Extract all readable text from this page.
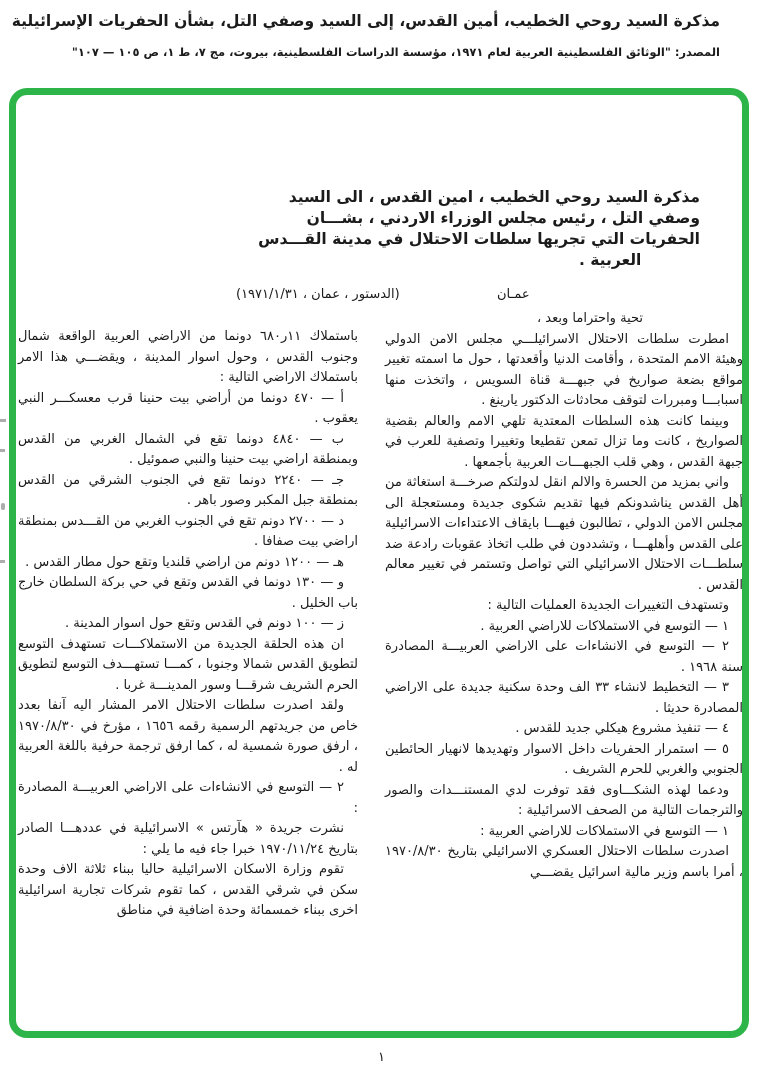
مذكرة السيد روحي الخطيب، أمين القدس، إلى السيد وصفي التل، بشأن الحفريات الإسرائيلية
المصدر: "الوثائق الفلسطينية العربية لعام ١٩٧١، مؤسسة الدراسات الفلسطينية، بيروت، مج ٧، ط ١، ص ١٠٥ — ١٠٧"
مذكرة السيد روحي الخطيب ، امين القدس ، الى السيد
وصفي التل ، رئيس مجلس الوزراء الاردني ، بشـــان
الحفريات التي تجريها سلطات الاحتلال في مدينة القـــدس
العربية .
عمـان
(الدستور ، عمان ، ١٩٧١/١/٣١)

تحية واحتراما وبعد ،

امطرت سلطات الاحتلال الاسرائيلـــي مجلس الامن الدولي وهيئة الامم المتحدة ، وأقامت الدنيا وأقعدتها ، حول ما اسمته تغيير مواقع بضعة صواريخ في جبهـــة قناة السويس ، واتخذت منها اسبابـــا ومبررات لتوقف محادثات الدكتور يارينغ .

وبينما كانت هذه السلطات المعتدية تلهي الامم والعالم بقضية الصواريخ ، كانت وما تزال تمعن تقطيعا وتغييرا وتصفية للعرب في جبهة القدس ، وهي قلب الجبهـــات العربية بأجمعها .

واني بمزيد من الحسرة والالم انقل لدولتكم صرخـــة استغاثة من أهل القدس يناشدونكم فيها تقديم شكوى جديدة ومستعجلة الى مجلس الامن الدولي ، تطالبون فيهـــا بايقاف الاعتداءات الاسرائيلية على القدس وأهلهـــا ، وتشددون في طلب اتخاذ عقوبات رادعة ضد سلطـــات الاحتلال الاسرائيلي التي تواصل وتستمر في تغيير معالم القدس .

وتستهدف التغييرات الجديدة العمليات التالية :

١ — التوسع في الاستملاكات للاراضي العربية .

٢ — التوسع في الانشاءات على الاراضي العربيـــة المصادرة سنة ١٩٦٨ .

٣ — التخطيط لانشاء ٣٣ الف وحدة سكنية جديدة على الاراضي المصادرة حديثا .

٤ — تنفيذ مشروع هيكلي جديد للقدس .

٥ — استمرار الحفريات داخل الاسوار وتهديدها لانهيار الحائطين الجنوبي والغربي للحرم الشريف .

ودعما لهذه الشكـــاوى فقد توفرت لدي المستنـــدات والصور والترجمات التالية من الصحف الاسرائيلية :

١ — التوسع في الاستملاكات للاراضي العربية :

اصدرت سلطات الاحتلال العسكري الاسرائيلي بتاريخ ١٩٧٠/٨/٣٠ ، أمرا باسم وزير مالية اسرائيل يقضـــي

باستملاك ١١ر٦٨٠ دونما من الاراضي العربية الواقعة شمال وجنوب القدس ، وحول اسوار المدينة ، ويقضـــي هذا الامر باستملاك الاراضي التالية :

أ — ٤٧٠ دونما من أراضي بيت حنينا قرب معسكـــر النبي يعقوب .

ب — ٤٨٤٠ دونما تقع في الشمال الغربي من القدس وبمنطقة اراضي بيت حنينا والنبي صموئيل .

جـ — ٢٢٤٠ دونما تقع في الجنوب الشرقي من القدس بمنطقة جبل المكبر وصور باهر .

د — ٢٧٠٠ دونم تقع في الجنوب الغربي من القـــدس بمنطقة اراضي بيت صفافا .

هـ — ١٢٠٠ دونم من اراضي قلنديا وتقع حول مطار القدس .

و — ١٣٠ دونما في القدس وتقع في حي بركة السلطان خارج باب الخليل .

ز — ١٠٠ دونم في القدس وتقع حول اسوار المدينة .

ان هذه الحلقة الجديدة من الاستملاكـــات تستهدف التوسع لتطويق القدس شمالا وجنوبا ، كمـــا تستهـــدف التوسع لتطويق الحرم الشريف شرقـــا وسور المدينـــة غربا .

ولقد اصدرت سلطات الاحتلال الامر المشار اليه آنفا بعدد خاص من جريدتهم الرسمية رقمه ١٦٥٦ ، مؤرخ في ١٩٧٠/٨/٣٠ ، ارفق صورة شمسية له ، كما ارفق ترجمة حرفية باللغة العربية له .

٢ — التوسع في الانشاءات على الاراضي العربيـــة المصادرة :

نشرت جريدة « هآرتس » الاسرائيلية في عددهـــا الصادر بتاريخ ١٩٧٠/١١/٢٤ خبرا جاء فيه ما يلي :

تقوم وزارة الاسكان الاسرائيلية حاليا ببناء ثلاثة الاف وحدة سكن في شرقي القدس ، كما تقوم شركات تجارية اسرائيلية اخرى ببناء خمسمائة وحدة اضافية في مناطق

١
